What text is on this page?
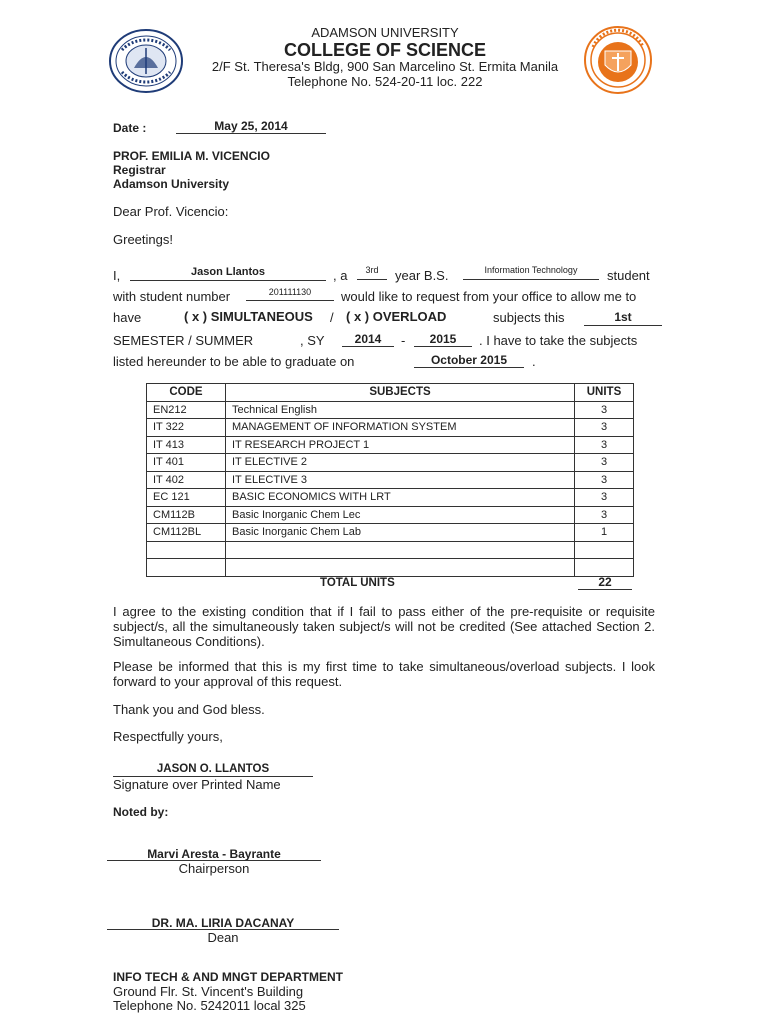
ADAMSON UNIVERSITY
COLLEGE OF SCIENCE
2/F St. Theresa's Bldg, 900 San Marcelino St. Ermita Manila
Telephone No. 524-20-11 loc. 222
Date :	May 25, 2014
PROF. EMILIA M. VICENCIO
Registrar
Adamson University
Dear Prof. Vicencio:
Greetings!
I,	Jason Llantos	, a	3rd	year B.S.	Information Technology	student
with student number	201111130	would like to request from your office to allow me to
have	( x ) SIMULTANEOUS / ( x ) OVERLOAD	subjects this	1st
SEMESTER / SUMMER	, SY	2014	-	2015	. I have to take the subjects
listed hereunder to be able to graduate on	October 2015	.
CODE	SUBJECTS	UNITS
EN212	Technical English	3
IT 322	MANAGEMENT OF INFORMATION SYSTEM	3
IT 413	IT RESEARCH PROJECT 1	3
IT 401	IT ELECTIVE 2	3
IT 402	IT ELECTIVE 3	3
EC 121	BASIC ECONOMICS WITH LRT	3
CM112B	Basic Inorganic Chem Lec	3
CM112BL	Basic Inorganic Chem Lab	1

TOTAL UNITS	22
I agree to the existing condition that if I fail to pass either of the pre-requisite or requisite subject/s, all the simultaneously taken subject/s will not be credited (See attached Section 2. Simultaneous Conditions).
Please be informed that this is my first time to take simultaneous/overload subjects. I look forward to your approval of this request.
Thank you and God bless.
Respectfully yours,
JASON O. LLANTOS
Signature over Printed Name
Noted by:
Marvi Aresta - Bayrante
Chairperson
DR. MA. LIRIA DACANAY
Dean
INFO TECH & AND MNGT DEPARTMENT
Ground Flr. St. Vincent's Building
Telephone No. 5242011 local 325
